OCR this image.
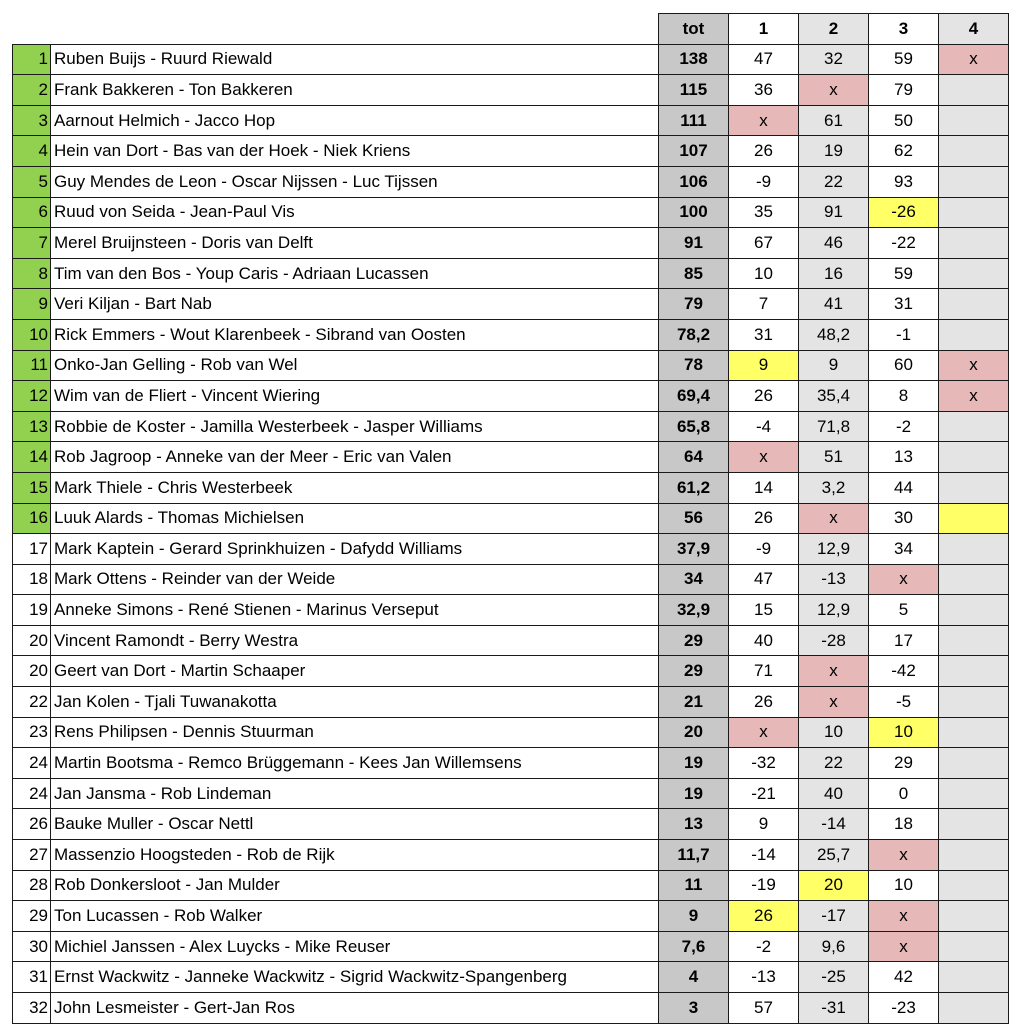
		tot	1	2	3	4
1	Ruben Buijs - Ruurd Riewald	138	47	32	59	x
2	Frank Bakkeren - Ton Bakkeren	115	36	x	79	
3	Aarnout Helmich - Jacco Hop	111	x	61	50	
4	Hein van Dort - Bas van der Hoek - Niek Kriens	107	26	19	62	
5	Guy Mendes de Leon - Oscar Nijssen - Luc Tijssen	106	-9	22	93	
6	Ruud von Seida - Jean-Paul Vis	100	35	91	-26	
7	Merel Bruijnsteen - Doris van Delft	91	67	46	-22	
8	Tim van den Bos - Youp Caris - Adriaan Lucassen	85	10	16	59	
9	Veri Kiljan - Bart Nab	79	7	41	31	
10	Rick Emmers - Wout Klarenbeek - Sibrand van Oosten	78,2	31	48,2	-1	
11	Onko-Jan Gelling - Rob van Wel	78	9	9	60	x
12	Wim van de Fliert - Vincent Wiering	69,4	26	35,4	8	x
13	Robbie de Koster - Jamilla Westerbeek - Jasper Williams	65,8	-4	71,8	-2	
14	Rob Jagroop - Anneke van der Meer - Eric van Valen	64	x	51	13	
15	Mark Thiele - Chris Westerbeek	61,2	14	3,2	44	
16	Luuk Alards - Thomas Michielsen	56	26	x	30	
17	Mark Kaptein - Gerard Sprinkhuizen - Dafydd Williams	37,9	-9	12,9	34	
18	Mark Ottens - Reinder van der Weide	34	47	-13	x	
19	Anneke Simons - René Stienen - Marinus Verseput	32,9	15	12,9	5	
20	Vincent Ramondt - Berry Westra	29	40	-28	17	
20	Geert van Dort - Martin Schaaper	29	71	x	-42	
22	Jan Kolen - Tjali Tuwanakotta	21	26	x	-5	
23	Rens Philipsen - Dennis Stuurman	20	x	10	10	
24	Martin Bootsma - Remco Brüggemann - Kees Jan Willemsens	19	-32	22	29	
24	Jan Jansma - Rob Lindeman	19	-21	40	0	
26	Bauke Muller - Oscar Nettl	13	9	-14	18	
27	Massenzio Hoogsteden - Rob de Rijk	11,7	-14	25,7	x	
28	Rob Donkersloot - Jan Mulder	11	-19	20	10	
29	Ton Lucassen - Rob Walker	9	26	-17	x	
30	Michiel Janssen - Alex Luycks - Mike Reuser	7,6	-2	9,6	x	
31	Ernst Wackwitz - Janneke Wackwitz - Sigrid Wackwitz-Spangenberg	4	-13	-25	42	
32	John Lesmeister - Gert-Jan Ros	3	57	-31	-23	
